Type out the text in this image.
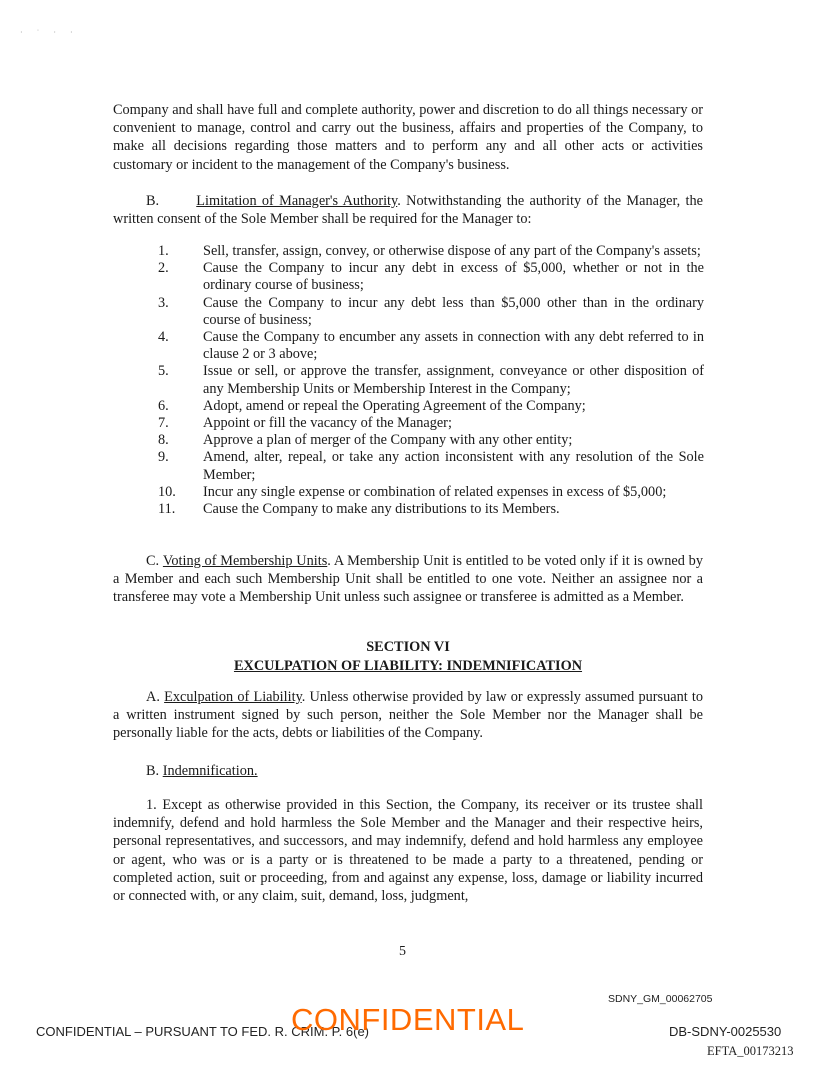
· ˙ · ·
Company and shall have full and complete authority, power and discretion to do all things necessary or convenient to manage, control and carry out the business, affairs and properties of the Company, to make all decisions regarding those matters and to perform any and all other acts or activities customary or incident to the management of the Company's business.
B.	Limitation of Manager's Authority. Notwithstanding the authority of the Manager, the written consent of the Sole Member shall be required for the Manager to:
1.	Sell, transfer, assign, convey, or otherwise dispose of any part of the Company's assets;
2.	Cause the Company to incur any debt in excess of $5,000, whether or not in the ordinary course of business;
3.	Cause the Company to incur any debt less than $5,000 other than in the ordinary course of business;
4.	Cause the Company to encumber any assets in connection with any debt referred to in clause 2 or 3 above;
5.	Issue or sell, or approve the transfer, assignment, conveyance or other disposition of any Membership Units or Membership Interest in the Company;
6.	Adopt, amend or repeal the Operating Agreement of the Company;
7.	Appoint or fill the vacancy of the Manager;
8.	Approve a plan of merger of the Company with any other entity;
9.	Amend, alter, repeal, or take any action inconsistent with any resolution of the Sole Member;
10.	Incur any single expense or combination of related expenses in excess of $5,000;
11.	Cause the Company to make any distributions to its Members.
C. Voting of Membership Units. A Membership Unit is entitled to be voted only if it is owned by a Member and each such Membership Unit shall be entitled to one vote. Neither an assignee nor a transferee may vote a Membership Unit unless such assignee or transferee is admitted as a Member.
SECTION VI
EXCULPATION OF LIABILITY: INDEMNIFICATION
A. Exculpation of Liability. Unless otherwise provided by law or expressly assumed pursuant to a written instrument signed by such person, neither the Sole Member nor the Manager shall be personally liable for the acts, debts or liabilities of the Company.
B. Indemnification.
1. Except as otherwise provided in this Section, the Company, its receiver or its trustee shall indemnify, defend and hold harmless the Sole Member and the Manager and their respective heirs, personal representatives, and successors, and may indemnify, defend and hold harmless any employee or agent, who was or is a party or is threatened to be made a party to a threatened, pending or completed action, suit or proceeding, from and against any expense, loss, damage or liability incurred or connected with, or any claim, suit, demand, loss, judgment,
5
SDNY_GM_00062705
CONFIDENTIAL – PURSUANT TO FED. R. CRIM. P. 6(e)
CONFIDENTIAL	DB-SDNY-0025530
EFTA_00173213
